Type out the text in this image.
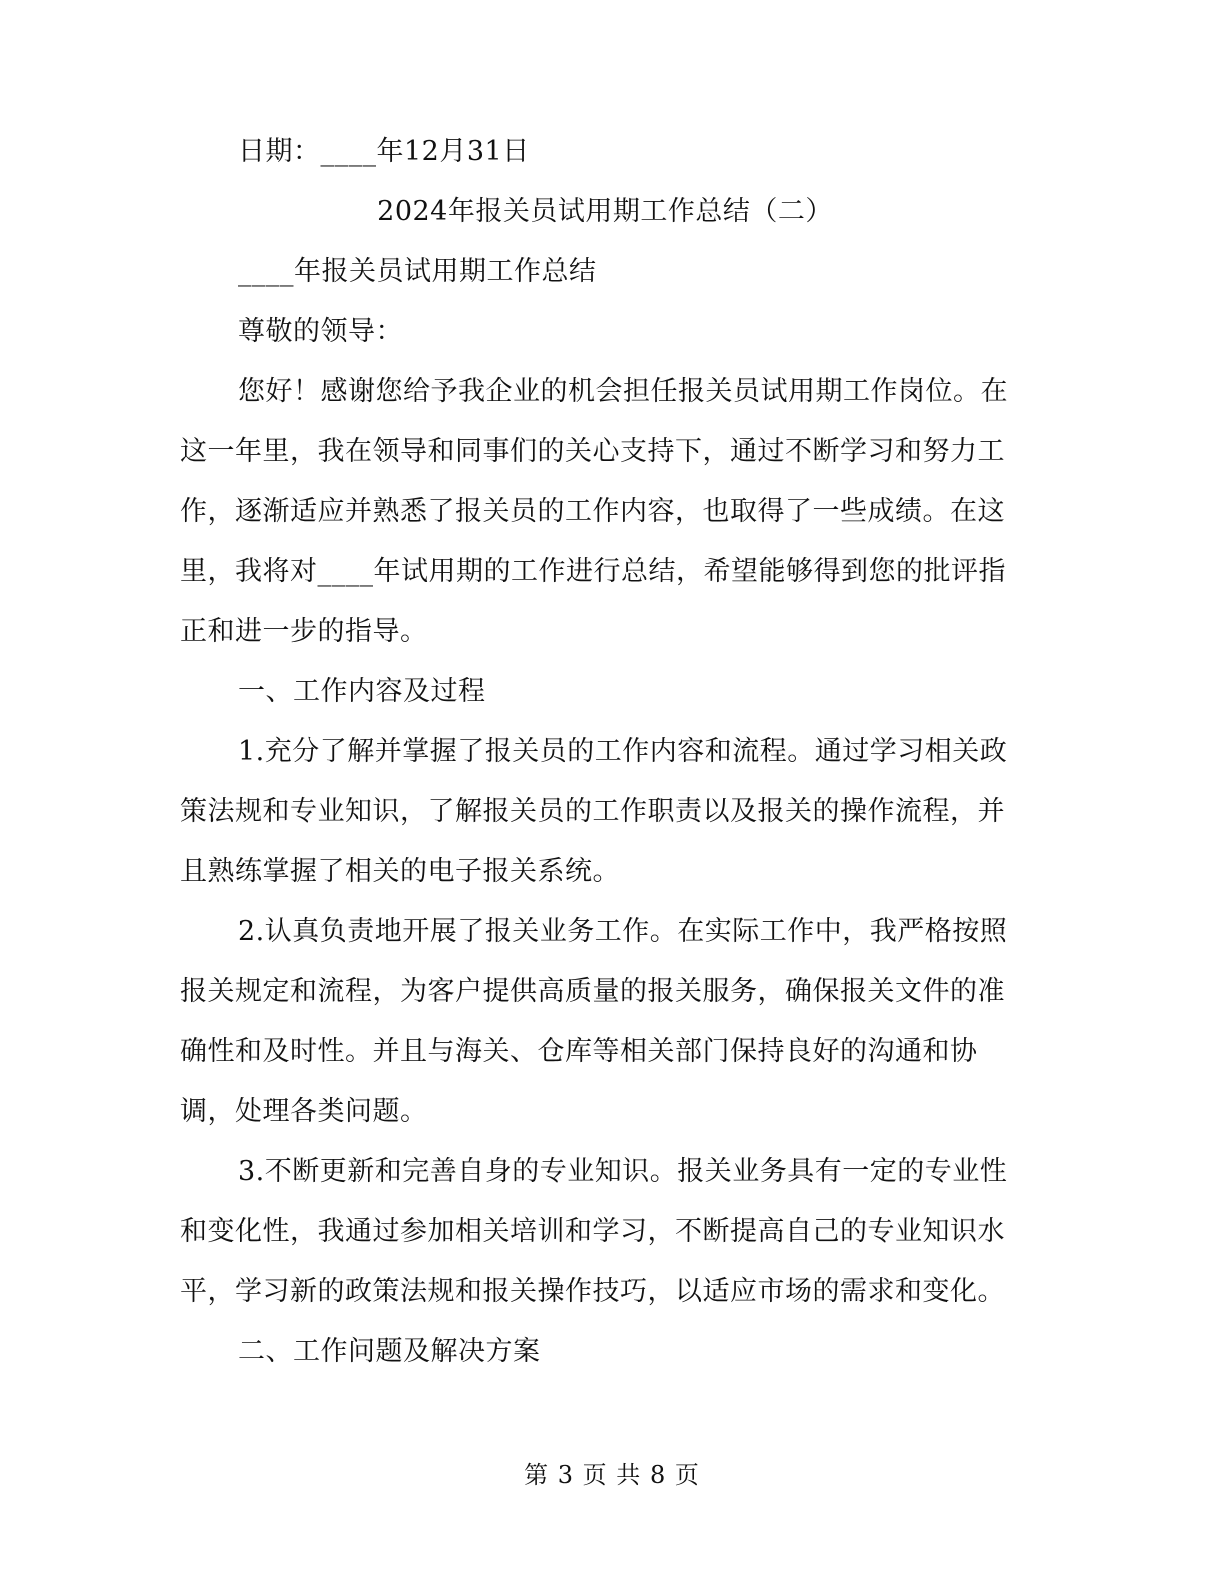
日期：____年12月31日
2024年报关员试用期工作总结（二）
____年报关员试用期工作总结
尊敬的领导：
您好！感谢您给予我企业的机会担任报关员试用期工作岗位。在
这一年里，我在领导和同事们的关心支持下，通过不断学习和努力工
作，逐渐适应并熟悉了报关员的工作内容，也取得了一些成绩。在这
里，我将对____年试用期的工作进行总结，希望能够得到您的批评指
正和进一步的指导。
一、工作内容及过程
1.充分了解并掌握了报关员的工作内容和流程。通过学习相关政
策法规和专业知识，了解报关员的工作职责以及报关的操作流程，并
且熟练掌握了相关的电子报关系统。
2.认真负责地开展了报关业务工作。在实际工作中，我严格按照
报关规定和流程，为客户提供高质量的报关服务，确保报关文件的准
确性和及时性。并且与海关、仓库等相关部门保持良好的沟通和协
调，处理各类问题。
3.不断更新和完善自身的专业知识。报关业务具有一定的专业性
和变化性，我通过参加相关培训和学习，不断提高自己的专业知识水
平，学习新的政策法规和报关操作技巧，以适应市场的需求和变化。
二、工作问题及解决方案
第 3 页 共 8 页
